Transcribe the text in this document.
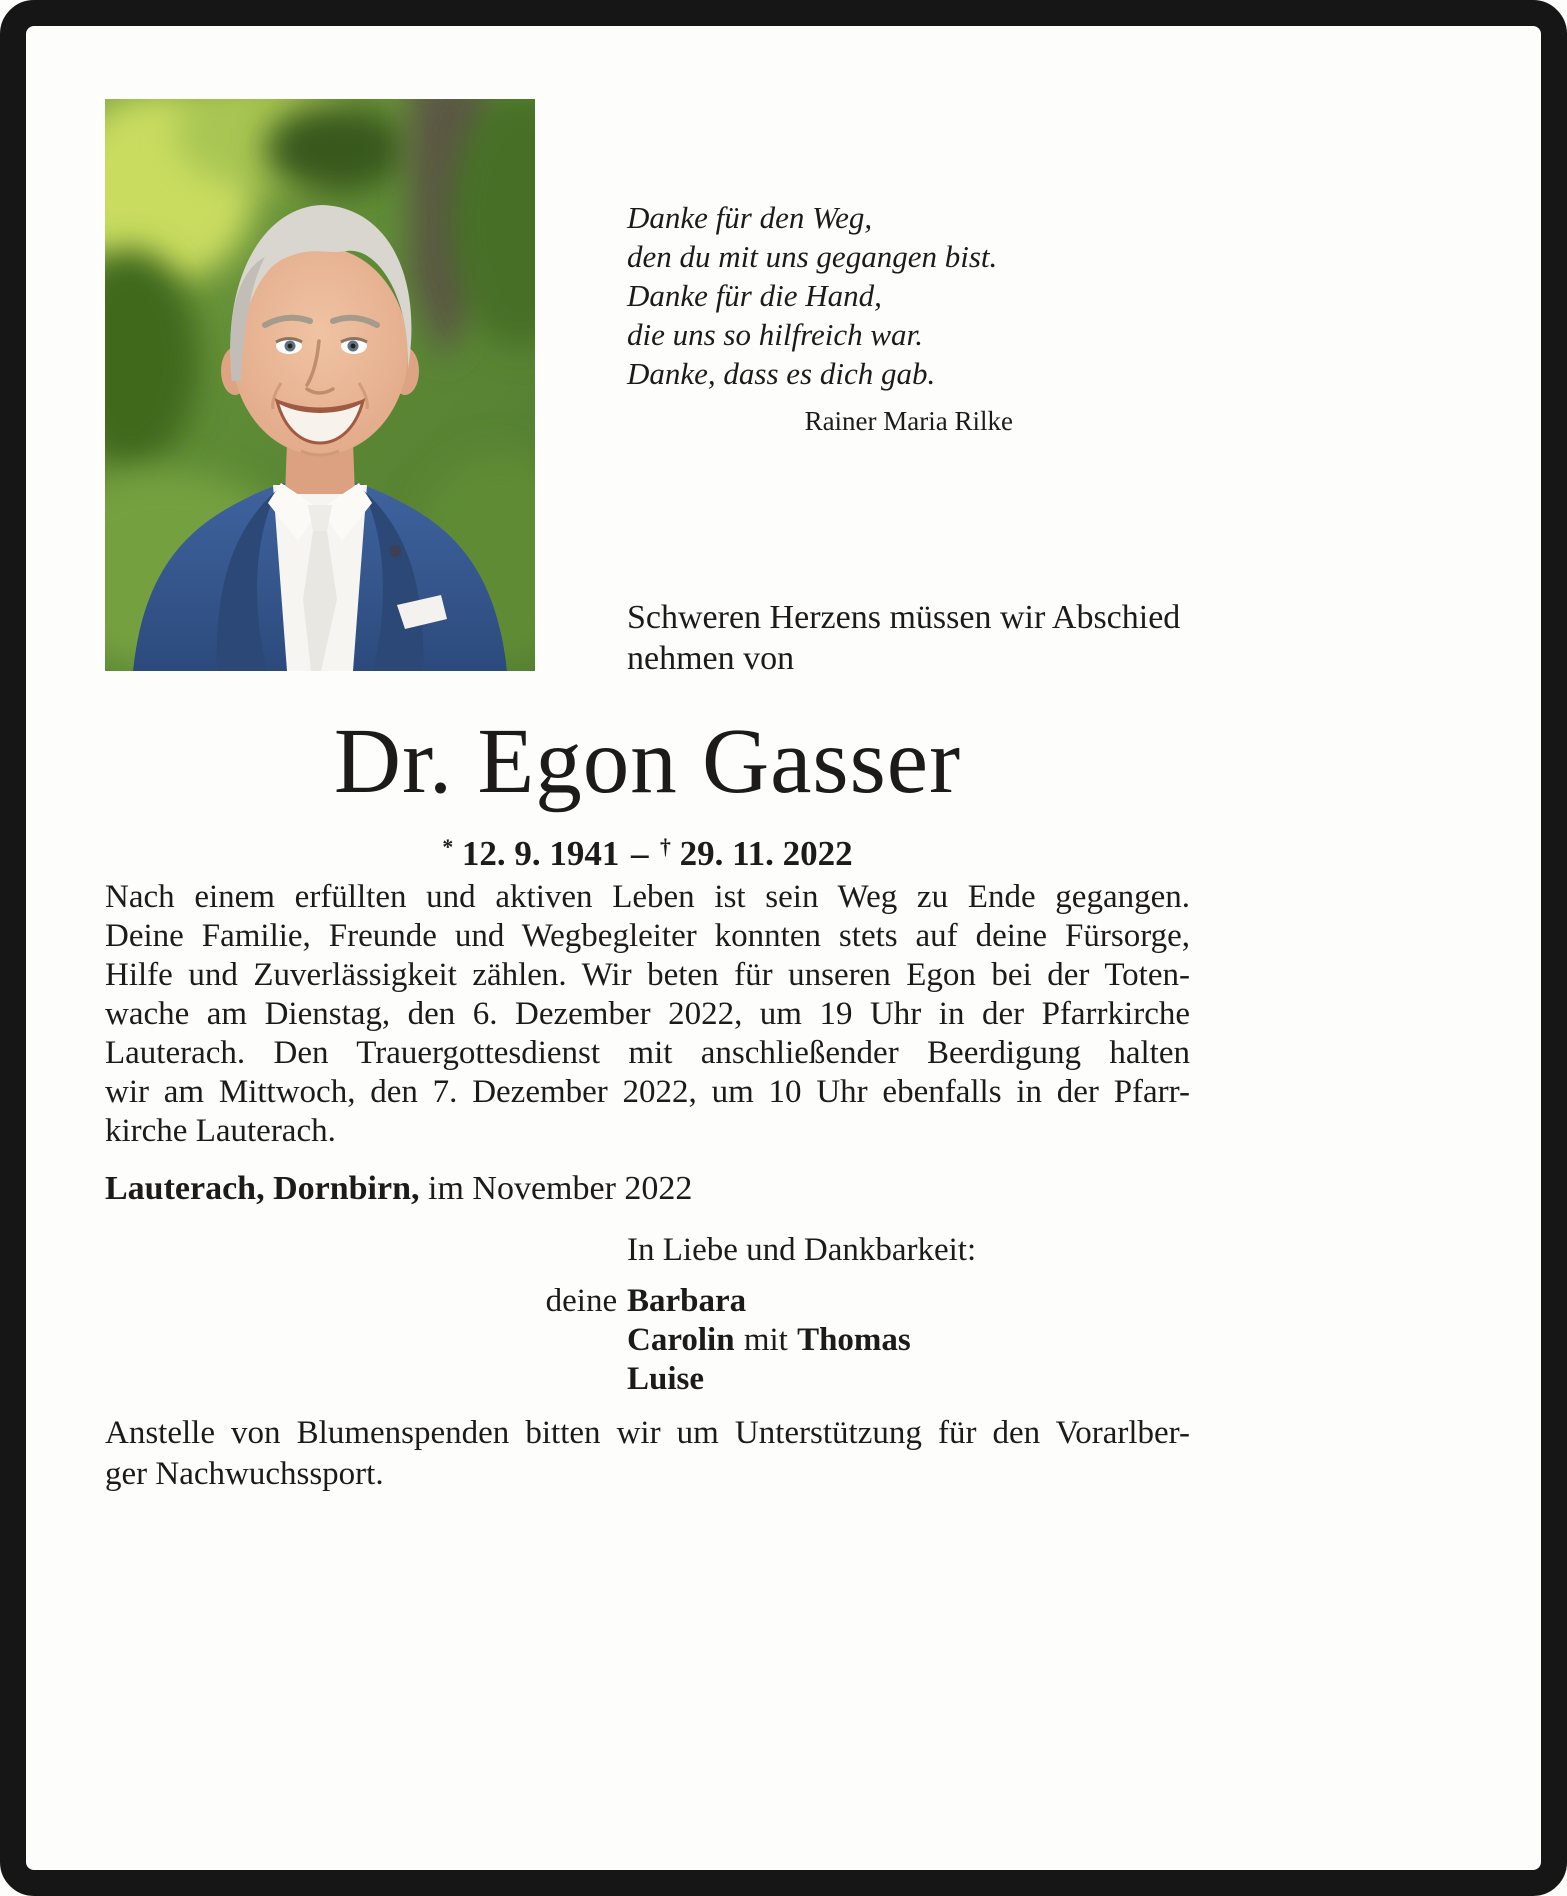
Danke für den Weg,
den du mit uns gegangen bist.
Danke für die Hand,
die uns so hilfreich war.
Danke, dass es dich gab.
Rainer Maria Rilke
Schweren Herzens müssen wir Abschied
nehmen von
Dr. Egon Gasser
* 12. 9. 1941 – † 29. 11. 2022
Nach einem erfüllten und aktiven Leben ist sein Weg zu Ende gegangen.
Deine Familie, Freunde und Wegbegleiter konnten stets auf deine Fürsorge,
Hilfe und Zuverlässigkeit zählen. Wir beten für unseren Egon bei der Toten-
wache am Dienstag, den 6. Dezember 2022, um 19 Uhr in der Pfarrkirche
Lauterach. Den Trauergottesdienst mit anschließender Beerdigung halten
wir am Mittwoch, den 7. Dezember 2022, um 10 Uhr ebenfalls in der Pfarr-
kirche Lauterach.
Lauterach, Dornbirn, im November 2022
In Liebe und Dankbarkeit:
deine Barbara
Carolin mit Thomas
Luise
Anstelle von Blumenspenden bitten wir um Unterstützung für den Vorarlber-
ger Nachwuchssport.
